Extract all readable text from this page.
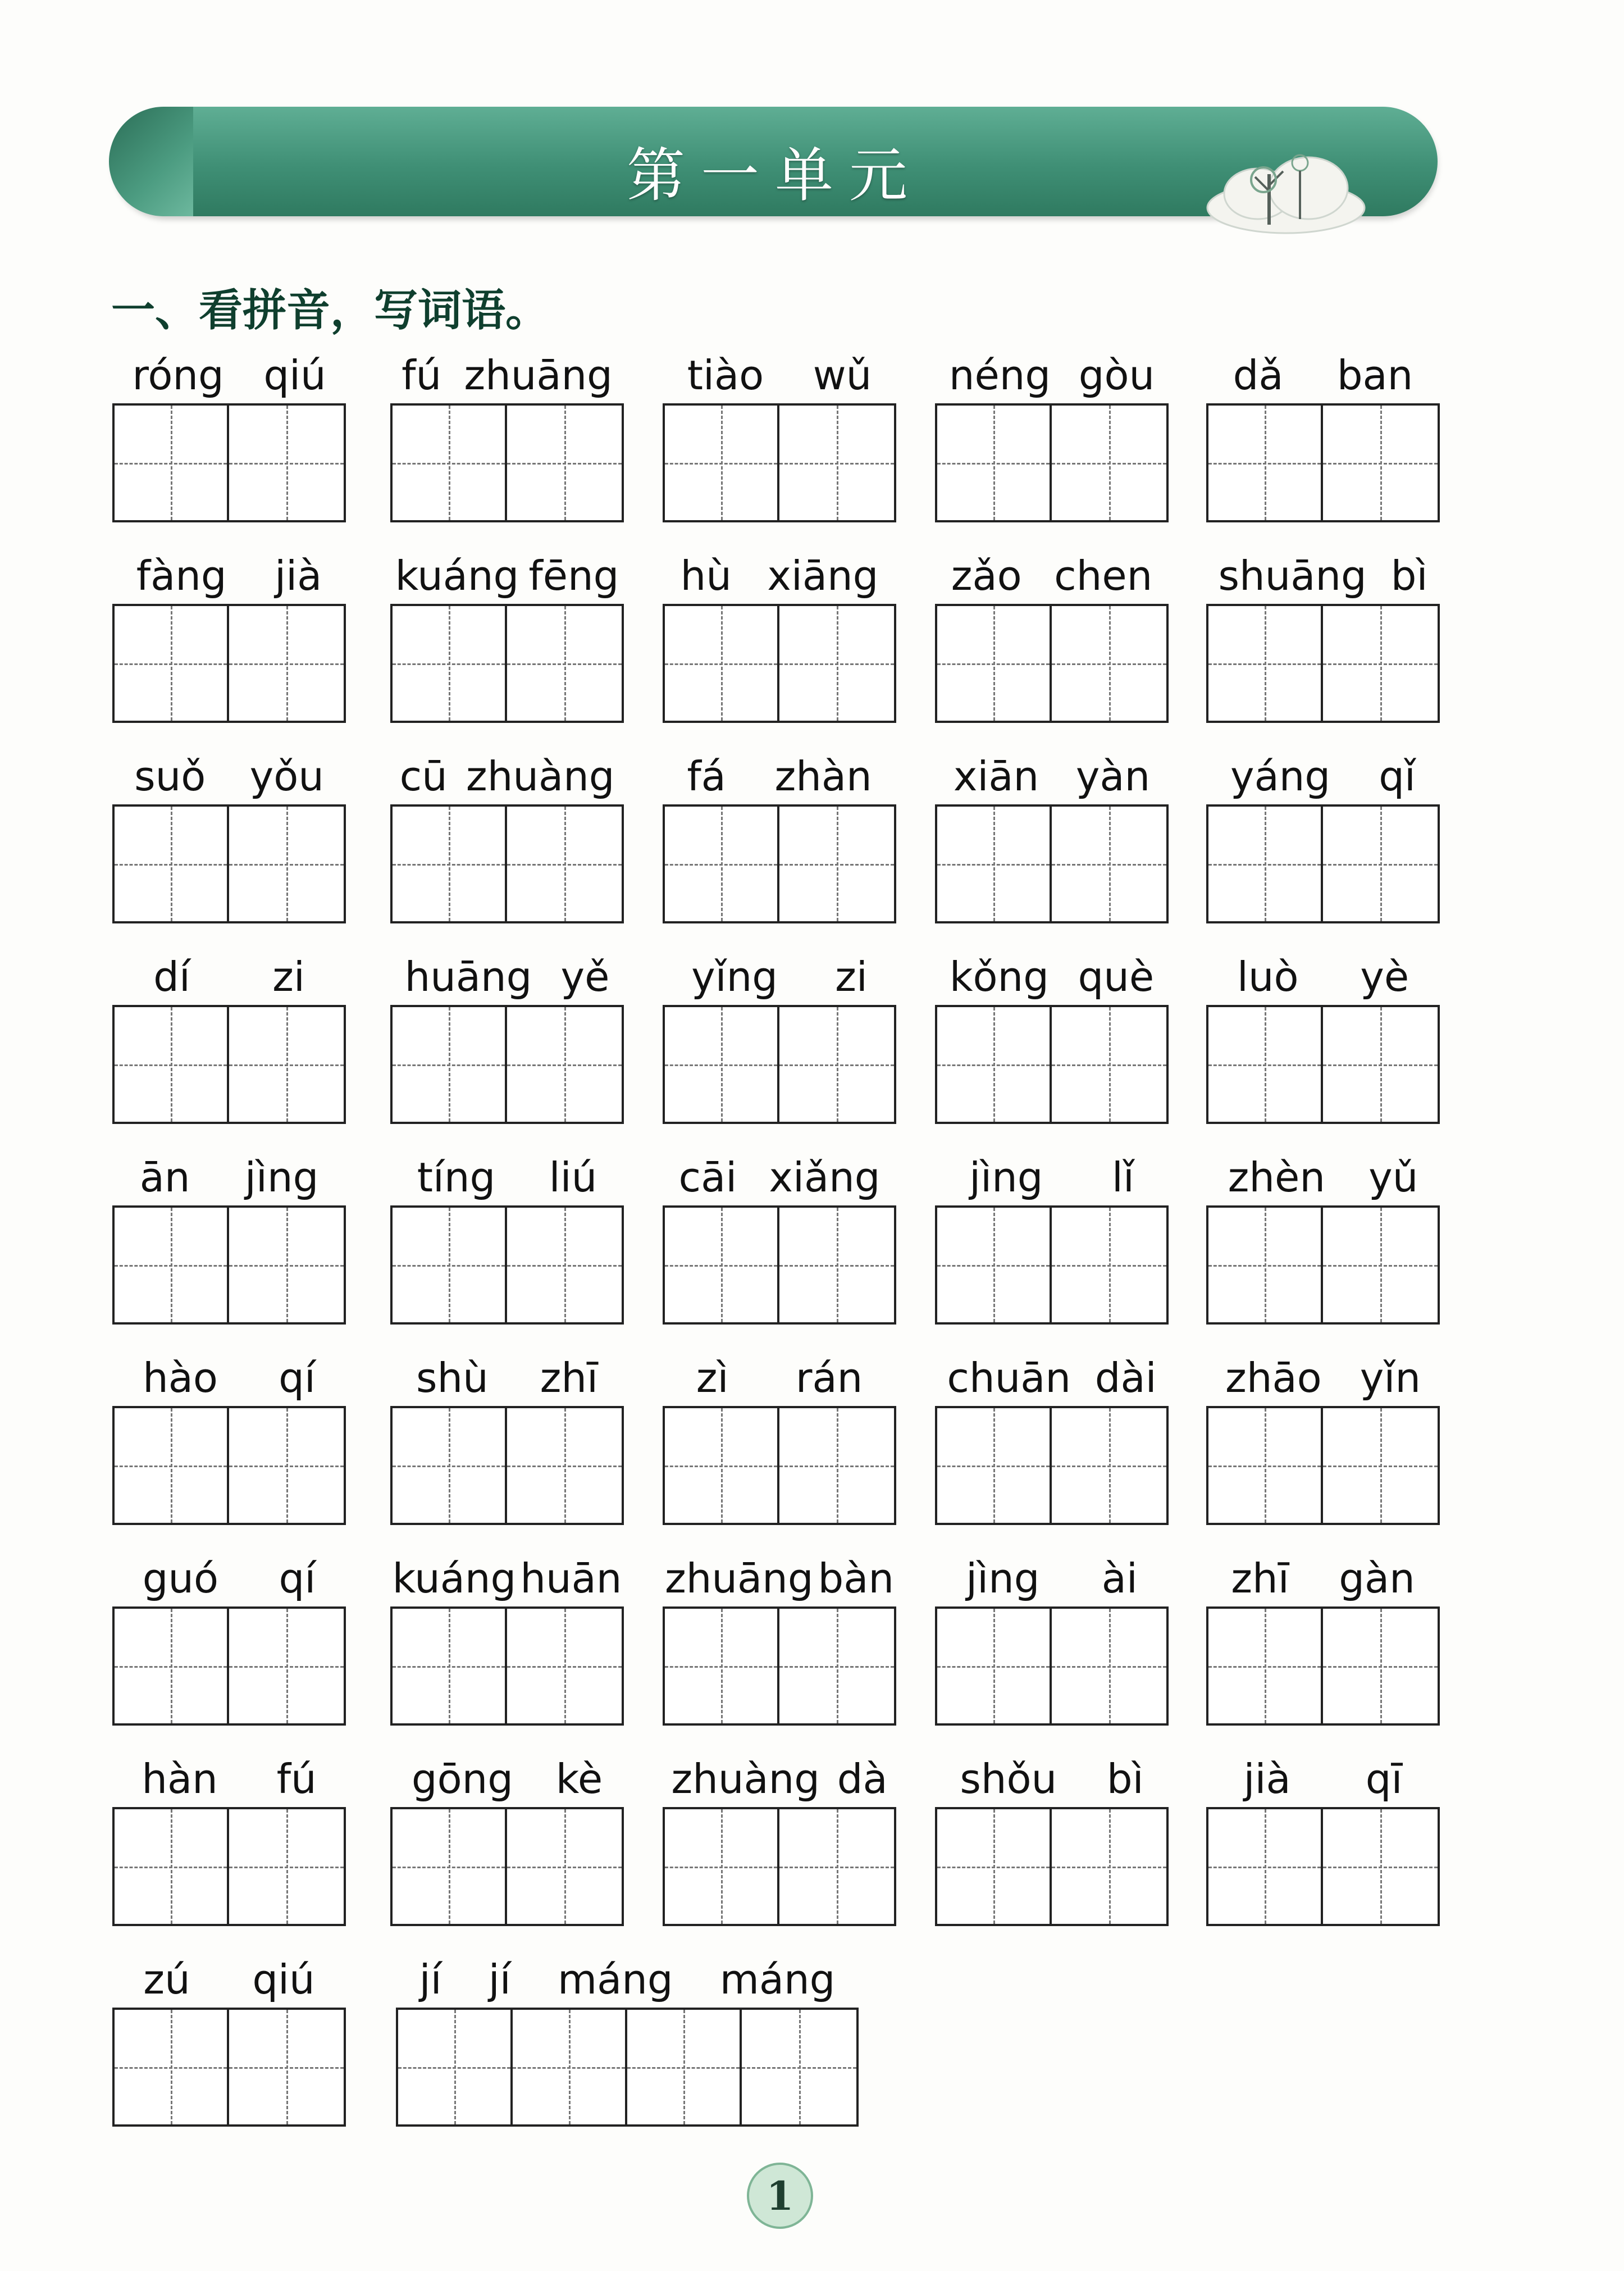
第一单元
一、看拼音，写词语。
róng qiú fú zhuāng tiào wǔ néng gòu dǎ ban
fàng jià kuáng fēng hù xiāng zǎo chen shuāng bì
suǒ yǒu cū zhuàng fá zhàn xiān yàn yáng qǐ
dí zi huāng yě yǐng zi kǒng què luò yè
ān jìng tíng liú cāi xiǎng jìng lǐ zhèn yǔ
hào qí shù zhī zì rán chuān dài zhāo yǐn
guó qí kuáng huān zhuāng bàn jìng ài zhī gàn
hàn fú gōng kè zhuàng dà shǒu bì jià qī
zú qiú	jí jí máng máng
1
